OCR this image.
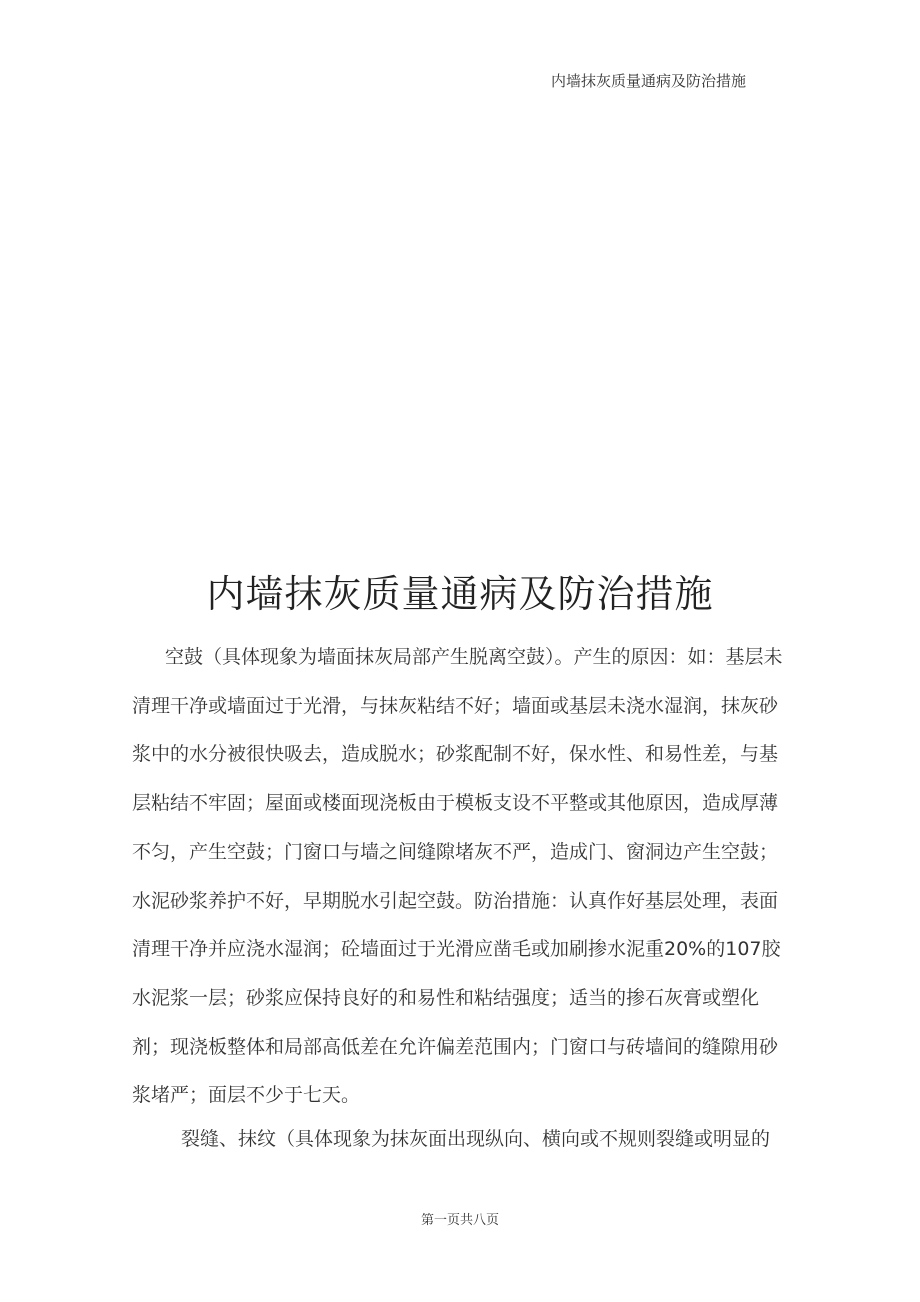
内墙抹灰质量通病及防治措施
内墙抹灰质量通病及防治措施
空鼓（具体现象为墙面抹灰局部产生脱离空鼓）。产生的原因：如：基层未清理干净或墙面过于光滑，与抹灰粘结不好；墙面或基层未浇水湿润，抹灰砂浆中的水分被很快吸去，造成脱水；砂浆配制不好，保水性、和易性差，与基层粘结不牢固；屋面或楼面现浇板由于模板支设不平整或其他原因，造成厚薄不匀，产生空鼓；门窗口与墙之间缝隙堵灰不严，造成门、窗洞边产生空鼓；水泥砂浆养护不好，早期脱水引起空鼓。防治措施：认真作好基层处理，表面清理干净并应浇水湿润；砼墙面过于光滑应凿毛或加刷掺水泥重20%的107胶水泥浆一层；砂浆应保持良好的和易性和粘结强度；适当的掺石灰膏或塑化剂；现浇板整体和局部高低差在允许偏差范围内；门窗口与砖墙间的缝隙用砂浆堵严；面层不少于七天。
裂缝、抹纹（具体现象为抹灰面出现纵向、横向或不规则裂缝或明显的
第一页共八页
